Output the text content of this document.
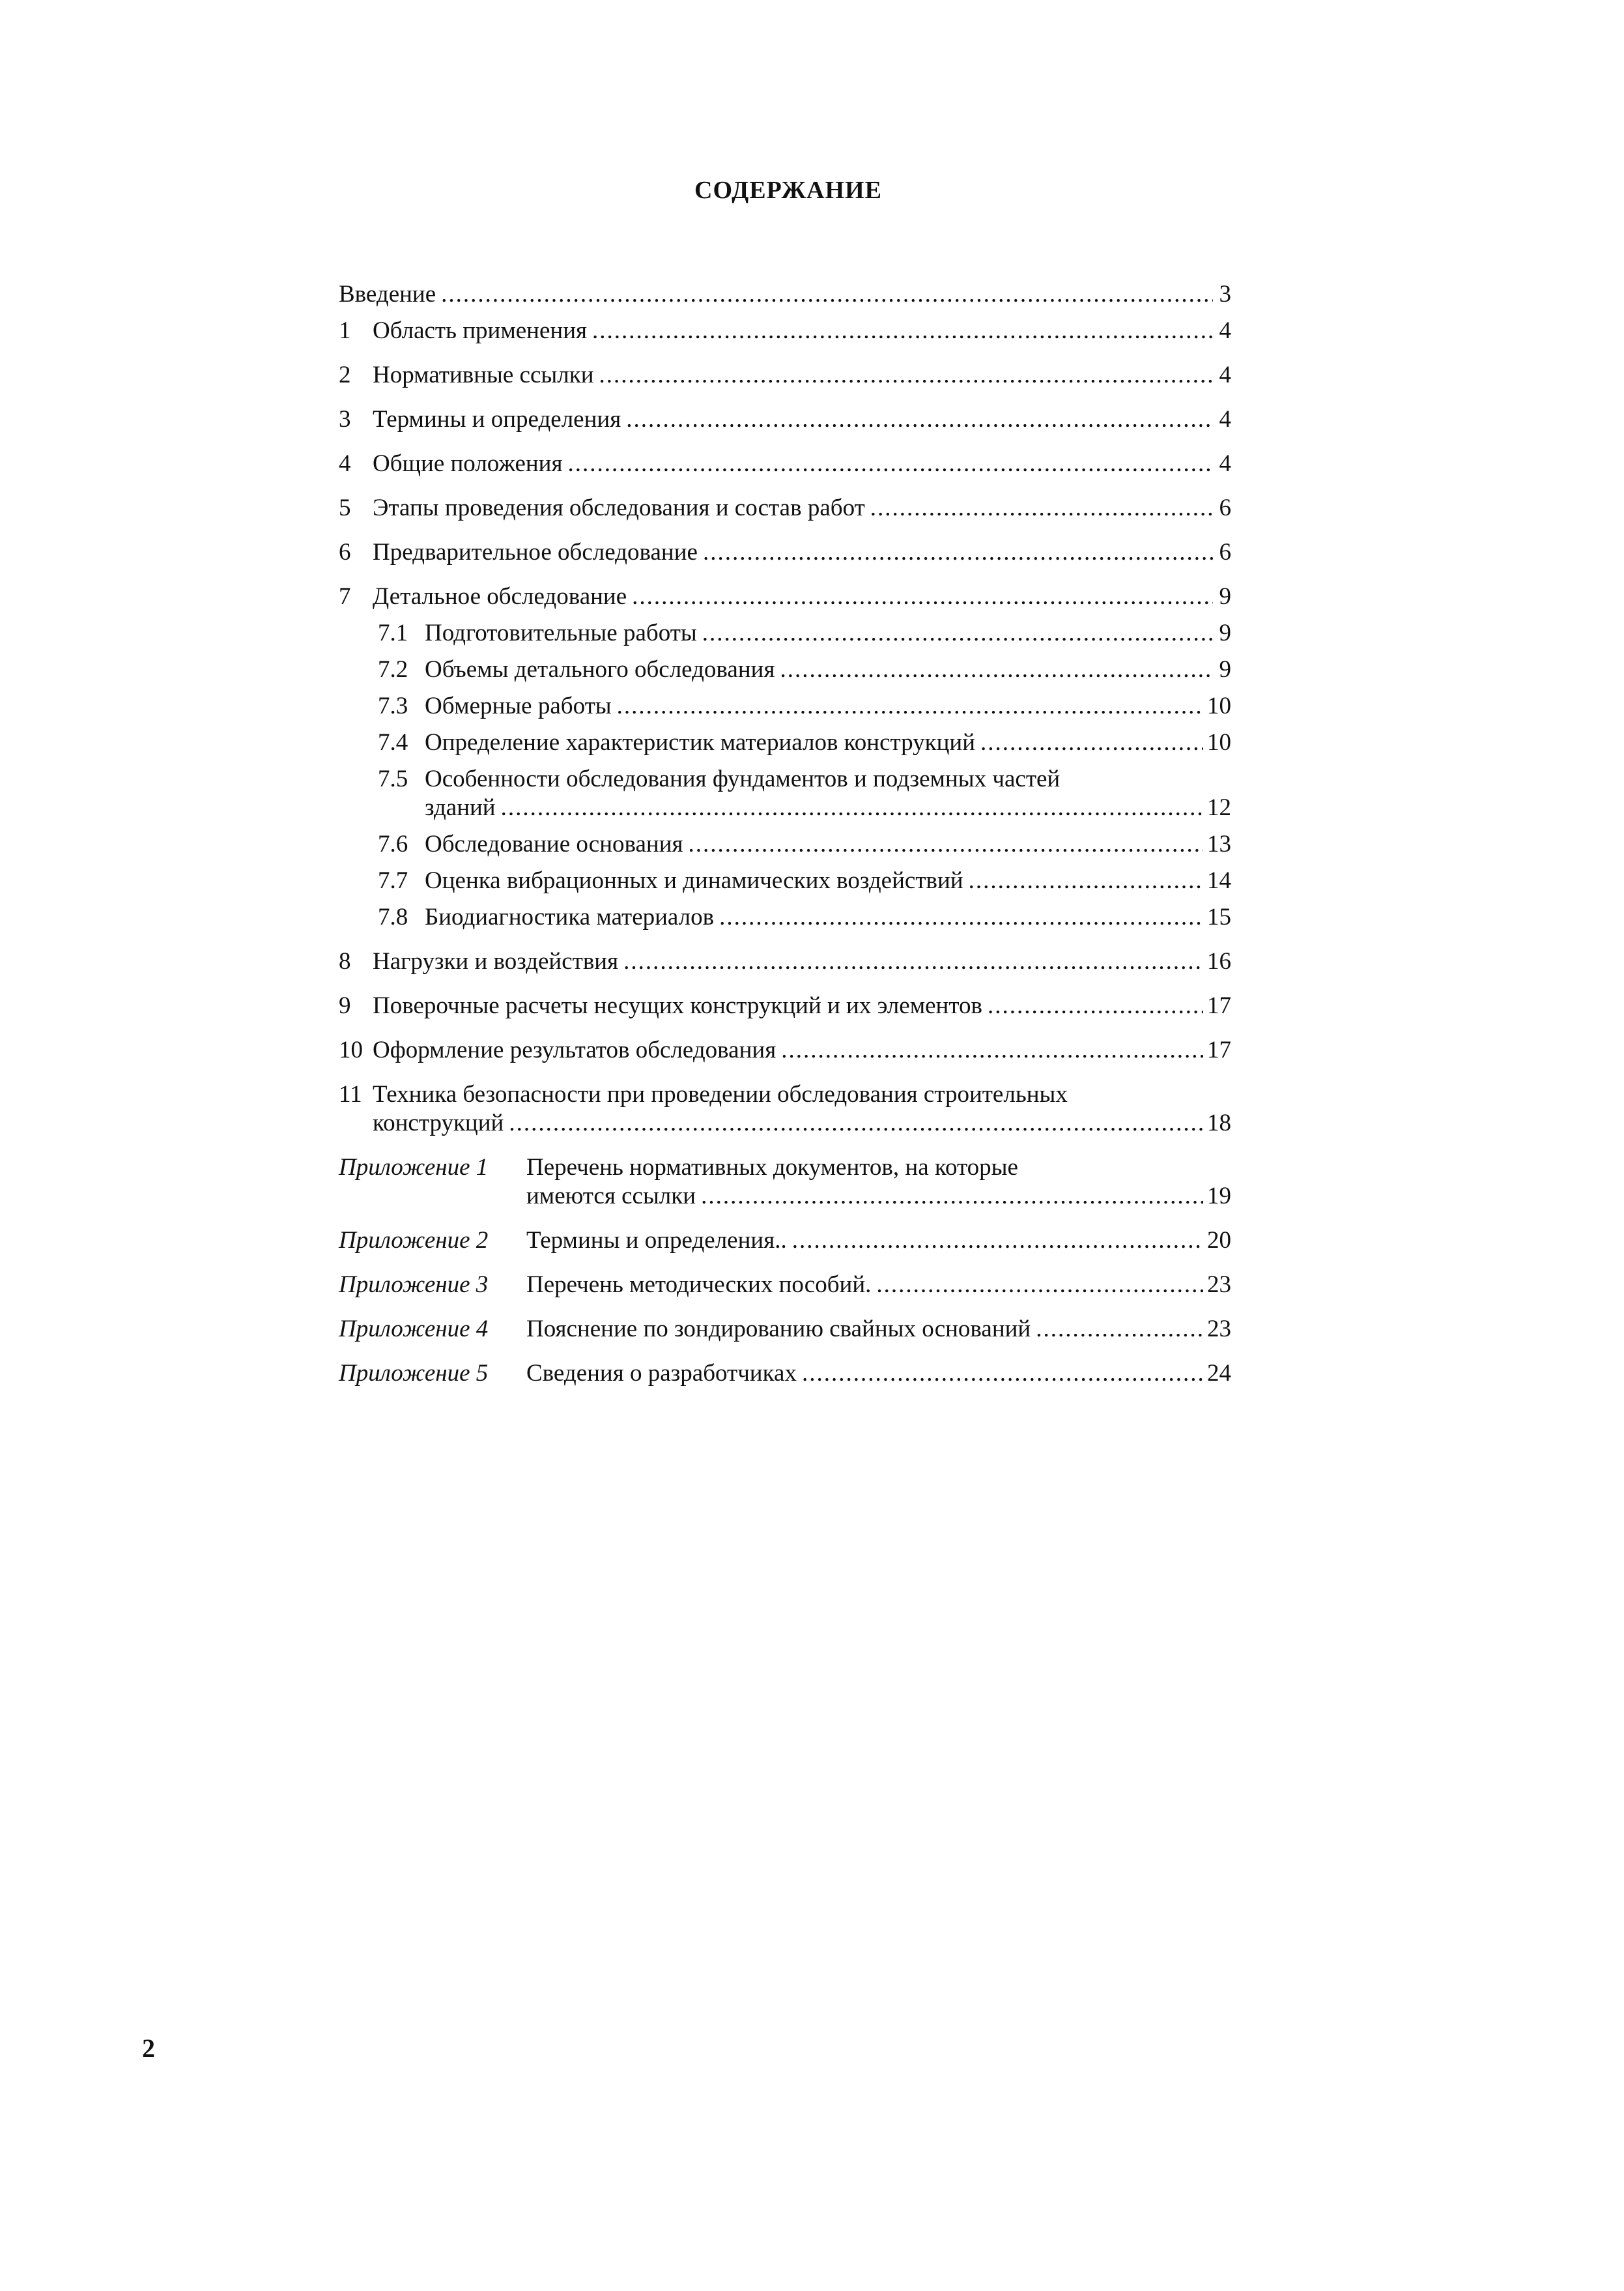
СОДЕРЖАНИЕ
Введение .....	3
1 Область применения .....	4
2 Нормативные ссылки .....	4
3 Термины и определения .....	4
4 Общие положения .....	4
5 Этапы проведения обследования и состав работ .....	6
6 Предварительное обследование .....	6
7 Детальное обследование .....	9
7.1 Подготовительные работы .....	9
7.2 Объемы детального обследования .....	9
7.3 Обмерные работы .....	10
7.4 Определение характеристик материалов конструкций .....	10
7.5 Особенности обследования фундаментов и подземных частей
зданий .....	12
7.6 Обследование основания .....	13
7.7 Оценка вибрационных и динамических воздействий .....	14
7.8 Биодиагностика материалов .....	15
8 Нагрузки и воздействия .....	16
9 Поверочные расчеты несущих конструкций и их элементов .....	17
10 Оформление результатов обследования .....	17
11 Техника безопасности при проведении обследования строительных
конструкций .....	18
Приложение 1	Перечень нормативных документов, на которые
имеются ссылки .....	19
Приложение 2	Термины и определения.. .....	20
Приложение 3	Перечень методических пособий. .....	23
Приложение 4	Пояснение по зондированию свайных оснований .....	23
Приложение 5	Сведения о разработчиках .....	24
2
